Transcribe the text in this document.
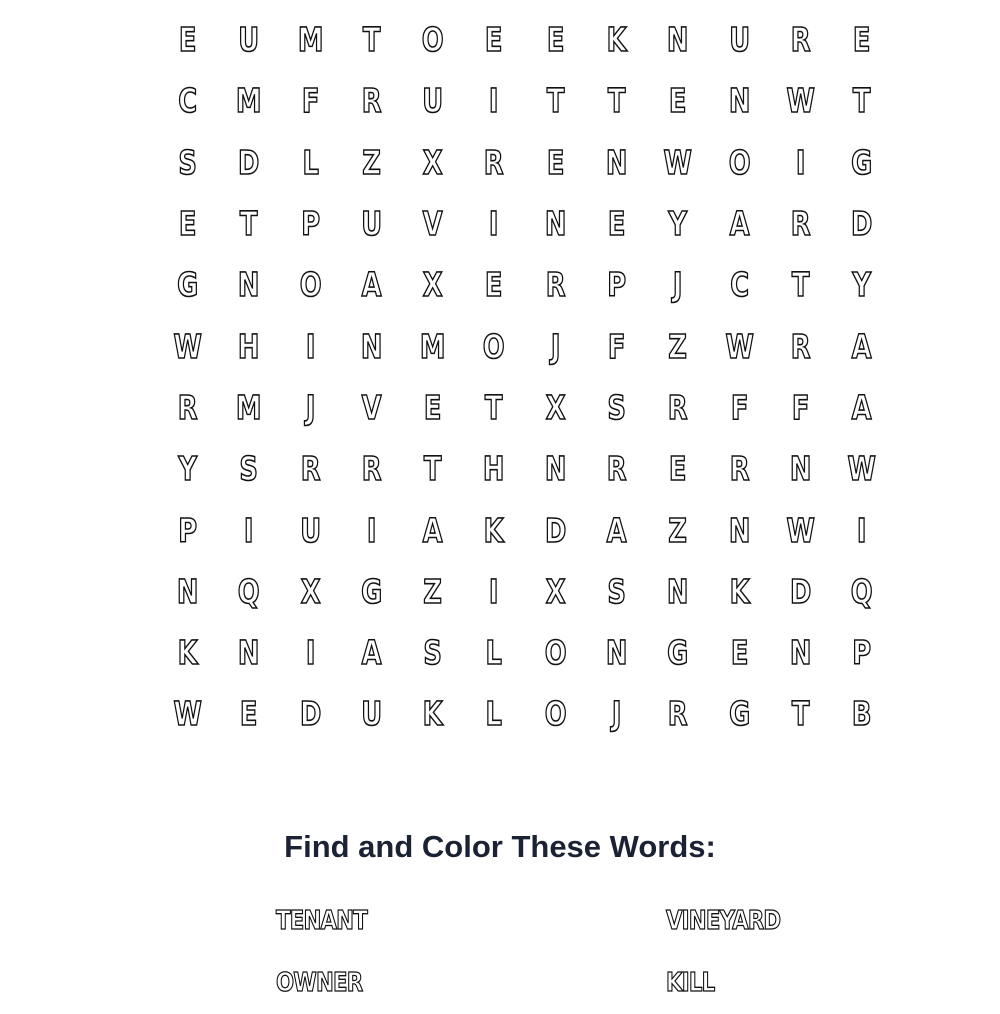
E	U	M	T	O	E	E	K	N	U	R	E
C	M	F	R	U	I	T	T	E	N	W	T
S	D	L	Z	X	R	E	N	W	O	I	G
E	T	P	U	V	I	N	E	Y	A	R	D
G	N	O	A	X	E	R	P	J	C	T	Y
W	H	I	N	M	O	J	F	Z	W	R	A
R	M	J	V	E	T	X	S	R	F	F	A
Y	S	R	R	T	H	N	R	E	R	N	W
P	I	U	I	A	K	D	A	Z	N	W	I
N	Q	X	G	Z	I	X	S	N	K	D	Q
K	N	I	A	S	L	O	N	G	E	N	P
W	E	D	U	K	L	O	J	R	G	T	B
Find and Color These Words:
TENANT	VINEYARD
OWNER	KILL
